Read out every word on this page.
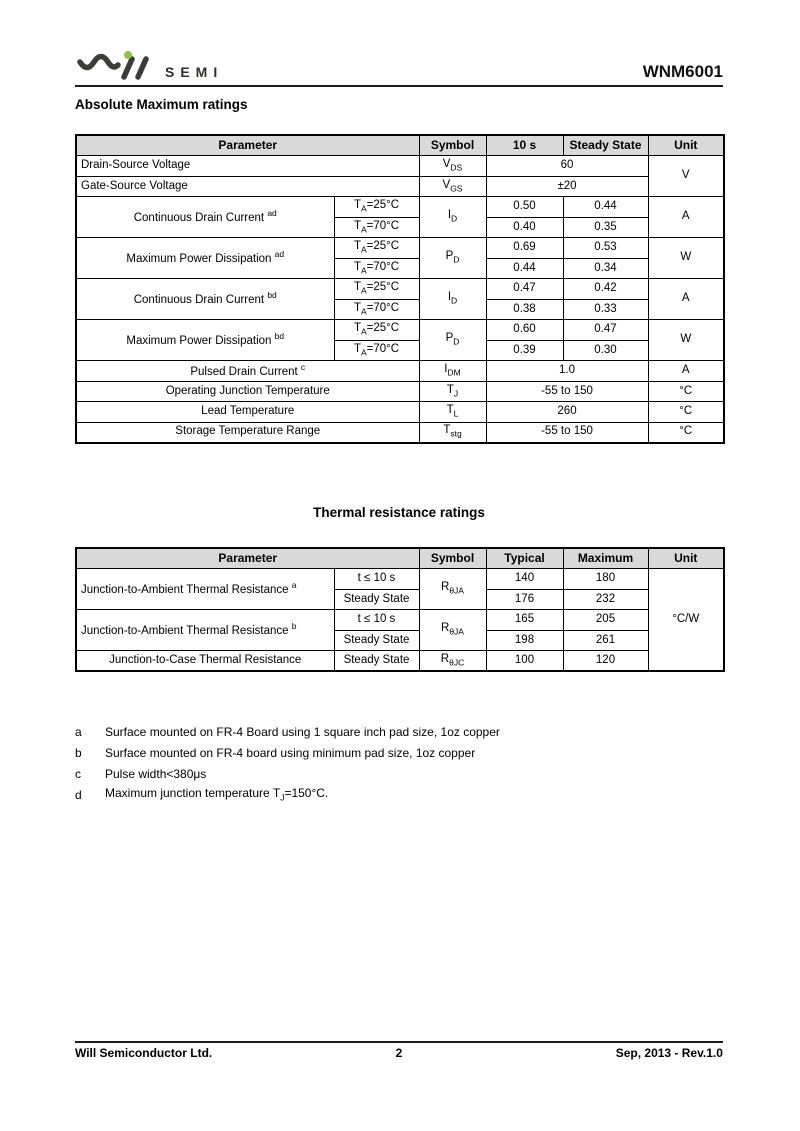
SEMI	WNM6001
Absolute Maximum ratings
Parameter		Symbol	10 s	Steady State	Unit
Drain-Source Voltage		$V_{DS}$	60		V
Gate-Source Voltage		$V_{GS}$	±20		
Continuous Drain Current $^{ad}$	$T_A=25^\circ C$	$I_D$	0.50	0.44	A
	$T_A=70^\circ C$		0.40	0.35	
Maximum Power Dissipation $^{ad}$	$T_A=25^\circ C$	$P_D$	0.69	0.53	W
	$T_A=70^\circ C$		0.44	0.34	
Continuous Drain Current $^{bd}$	$T_A=25^\circ C$	$I_D$	0.47	0.42	A
	$T_A=70^\circ C$		0.38	0.33	
Maximum Power Dissipation $^{bd}$	$T_A=25^\circ C$	$P_D$	0.60	0.47	W
	$T_A=70^\circ C$		0.39	0.30	
Pulsed Drain Current $^c$		$I_{DM}$	1.0		A
Operating Junction Temperature		$T_J$	-55 to 150		°C
Lead Temperature		$T_L$	260		°C
Storage Temperature Range		$T_{stg}$	-55 to 150		°C
Thermal resistance ratings
Parameter		Symbol	Typical	Maximum	Unit
Junction-to-Ambient Thermal Resistance $^a$	t ≤ 10 s	$R_{\theta JA}$	140	180	°C/W
	Steady State		176	232	
Junction-to-Ambient Thermal Resistance $^b$	t ≤ 10 s	$R_{\theta JA}$	165	205	
	Steady State		198	261	
Junction-to-Case Thermal Resistance	Steady State	$R_{\theta JC}$	100	120	
a	Surface mounted on FR-4 Board using 1 square inch pad size, 1oz copper
b	Surface mounted on FR-4 board using minimum pad size, 1oz copper
c	Pulse width<380μs
d	Maximum junction temperature $T_J=150^\circ C$.
Will Semiconductor Ltd.	2	Sep, 2013 - Rev.1.0
